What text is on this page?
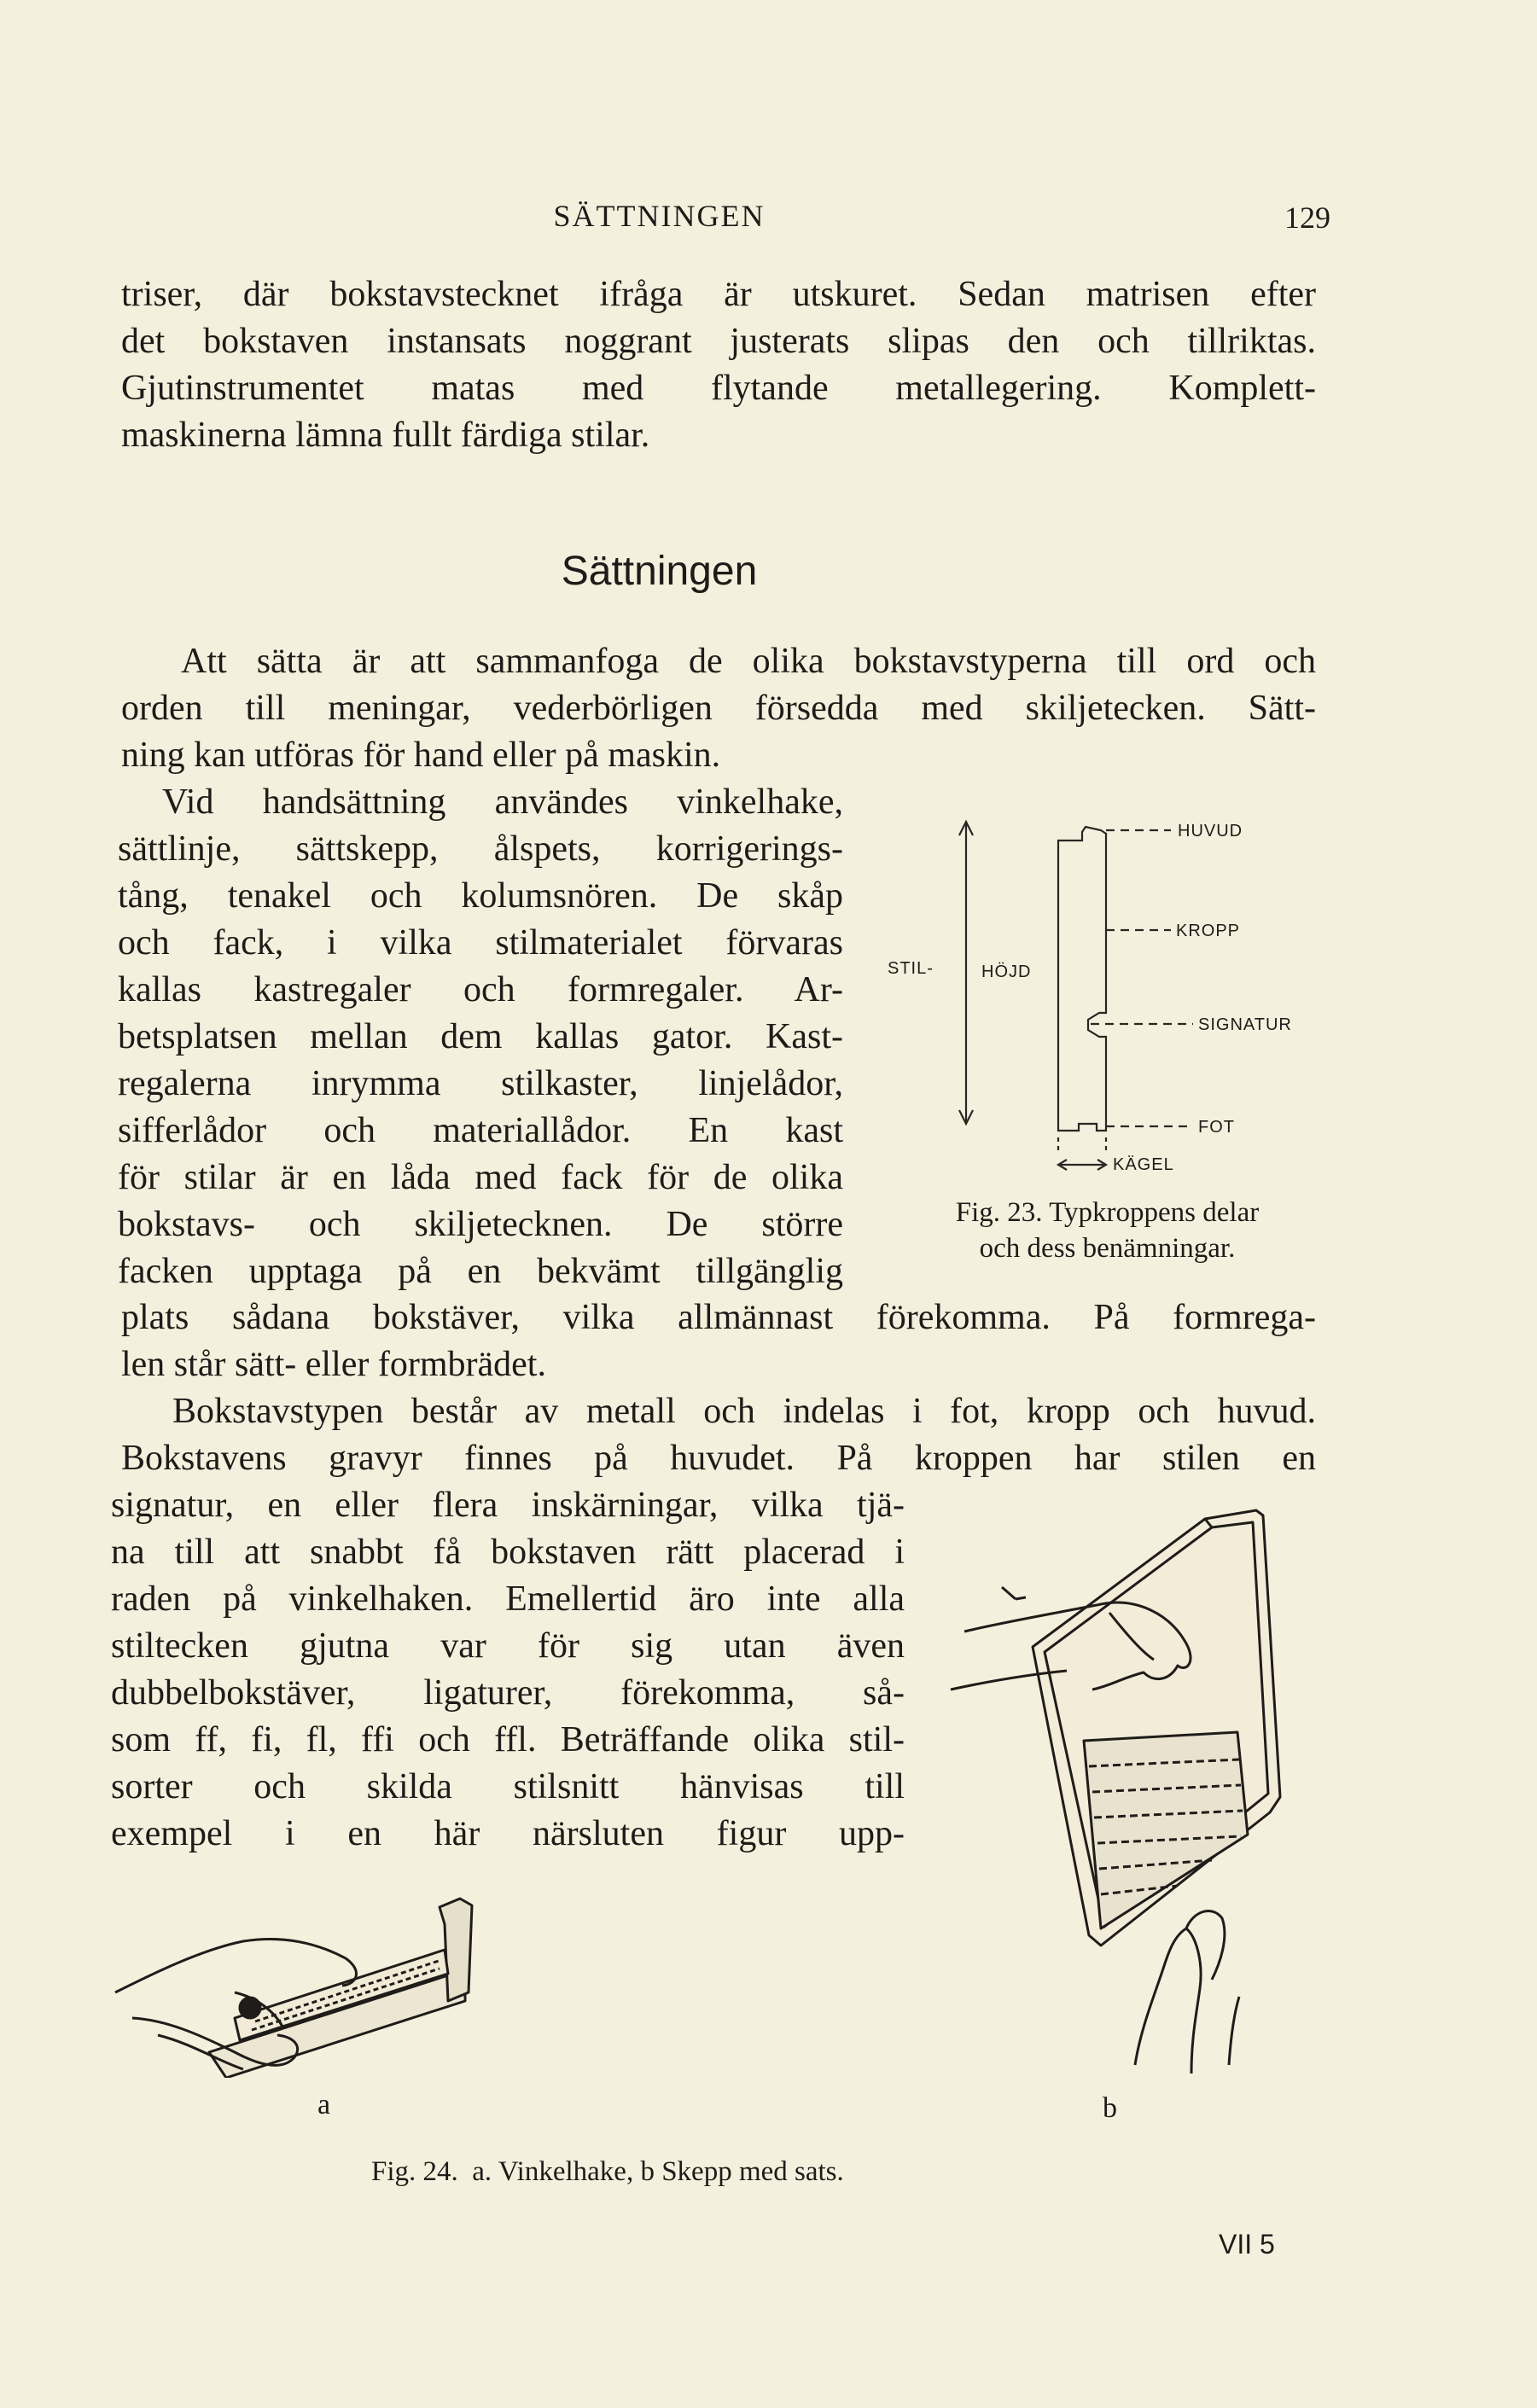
SÄTTNINGEN	129
triser, där bokstavstecknet ifråga är utskuret. Sedan matrisen efter
det bokstaven instansats noggrant justerats slipas den och tillriktas.
Gjutinstrumentet matas med flytande metallegering. Komplett-
maskinerna lämna fullt färdiga stilar.
Sättningen
Att sätta är att sammanfoga de olika bokstavstyperna till ord och
orden till meningar, vederbörligen försedda med skiljetecken. Sätt-
ning kan utföras för hand eller på maskin.
Vid handsättning användes vinkelhake,
sättlinje, sättskepp, ålspets, korrigerings-
tång, tenakel och kolumsnören. De skåp
och fack, i vilka stilmaterialet förvaras
kallas kastregaler och formregaler. Ar-
betsplatsen mellan dem kallas gator. Kast-
regalerna inrymma stilkaster, linjelådor,
sifferlådor och materiallådor. En kast
för stilar är en låda med fack för de olika
bokstavs- och skiljetecknen. De större
facken upptaga på en bekvämt tillgänglig
plats sådana bokstäver, vilka allmännast förekomma. På formrega-
len står sätt- eller formbrädet.
Bokstavstypen består av metall och indelas i fot, kropp och huvud.
Bokstavens gravyr finnes på huvudet. På kroppen har stilen en
signatur, en eller flera inskärningar, vilka tjä-
na till att snabbt få bokstaven rätt placerad i
raden på vinkelhaken. Emellertid äro inte alla
stiltecken gjutna var för sig utan även
dubbelbokstäver, ligaturer, förekomma, så-
som ff, fi, fl, ffi och ffl. Beträffande olika stil-
sorter och skilda stilsnitt hänvisas till
exempel i en här närsluten figur upp-
HUVUD
KROPP
SIGNATUR
FOT
KÄGEL
STIL-	HÖJD
Fig. 23. Typkroppens delar
och dess benämningar.
a	b
Fig. 24.  a. Vinkelhake, b Skepp med sats.
VII 5
